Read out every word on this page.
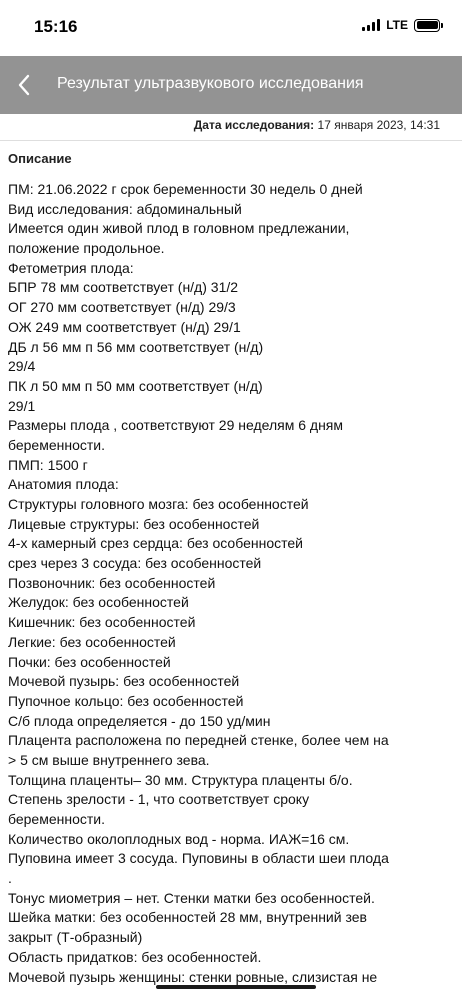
15:16	LTE
Результат ультразвукового исследования
Дата исследования: 17 января 2023, 14:31
Описание
ПМ: 21.06.2022 г срок беременности 30 недель 0 дней
Вид исследования: абдоминальный
Имеется один живой плод в головном предлежании,
положение продольное.
Фетометрия плода:
БПР 78 мм соответствует (н/д) 31/2
ОГ 270 мм соответствует (н/д) 29/3
ОЖ 249 мм соответствует (н/д) 29/1
ДБ л 56 мм п 56 мм соответствует (н/д)
29/4
ПК л 50 мм п 50 мм соответствует (н/д)
29/1
Размеры плода , соответствуют 29 неделям 6 дням
беременности.
ПМП: 1500 г
Анатомия плода:
Структуры головного мозга: без особенностей
Лицевые структуры: без особенностей
4-х камерный срез сердца: без особенностей
срез через 3 сосуда: без особенностей
Позвоночник: без особенностей
Желудок: без особенностей
Кишечник: без особенностей
Легкие: без особенностей
Почки: без особенностей
Мочевой пузырь: без особенностей
Пупочное кольцо: без особенностей
С/б плода определяется - до 150 уд/мин
Плацента расположена по передней стенке, более чем на
> 5 см выше внутреннего зева.
Толщина плаценты– 30 мм. Структура плаценты б/о.
Степень зрелости - 1, что соответствует сроку
беременности.
Количество околоплодных вод - норма. ИАЖ=16 см.
Пуповина имеет 3 сосуда. Пуповины в области шеи плода
.
Тонус миометрия – нет. Стенки матки без особенностей.
Шейка матки: без особенностей 28 мм, внутренний зев
закрыт (Т-образный)
Область придатков: без особенностей.
Мочевой пузырь женщины: стенки ровные, слизистая не
